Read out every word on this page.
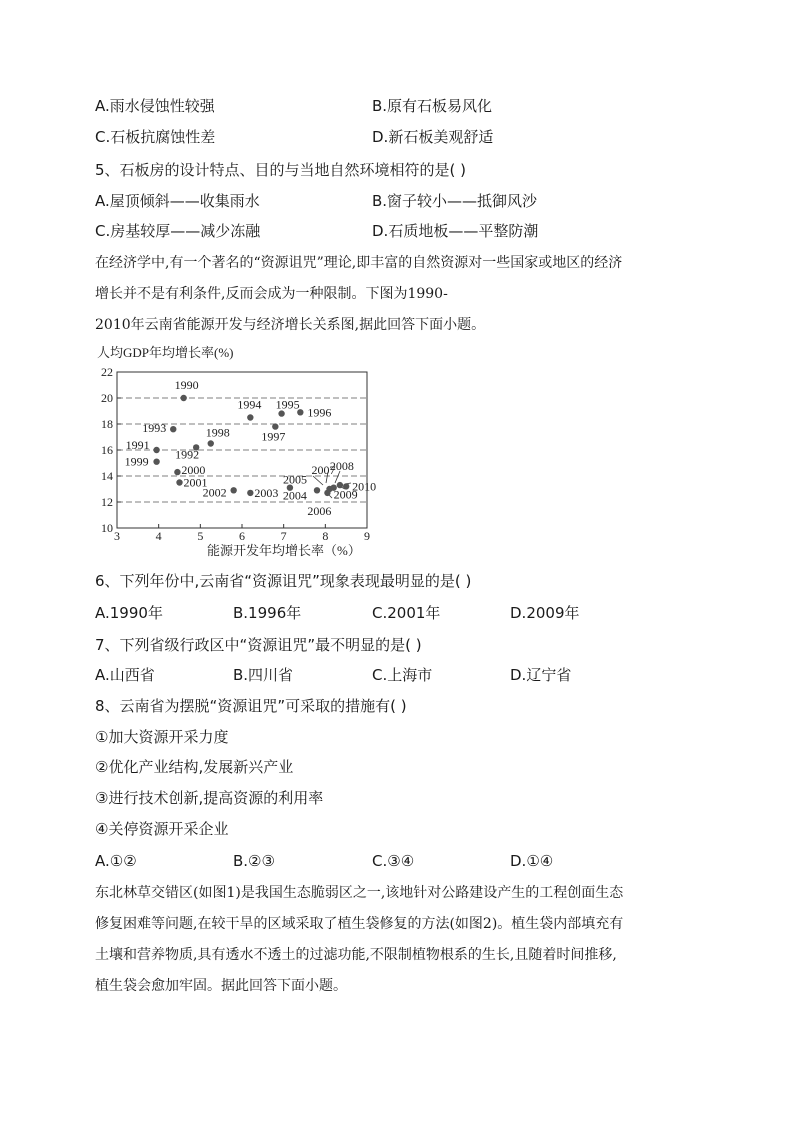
A.雨水侵蚀性较强	B.原有石板易风化
C.石板抗腐蚀性差	D.新石板美观舒适
5、石板房的设计特点、目的与当地自然环境相符的是( )
A.屋顶倾斜——收集雨水	B.窗子较小——抵御风沙
C.房基较厚——减少冻融	D.石质地板——平整防潮
在经济学中,有一个著名的“资源诅咒”理论,即丰富的自然资源对一些国家或地区的经济
增长并不是有利条件,反而会成为一种限制。下图为1990-
2010年云南省能源开发与经济增长关系图,据此回答下面小题。
人均GDP年均增长率(%)
3	4	5	6	7	8	9
10
12
14
16
18
20
22
1990
1991
1992
1993
1994 1995
1996
1997
1998
1999
2000
2001
2002 2003 2004
2005
2006
2007
2008
2009
2010
能源开发年均增长率（%）
6、下列年份中,云南省“资源诅咒”现象表现最明显的是( )
A.1990年	B.1996年	C.2001年	D.2009年
7、下列省级行政区中“资源诅咒”最不明显的是( )
A.山西省	B.四川省	C.上海市	D.辽宁省
8、云南省为摆脱“资源诅咒”可采取的措施有( )
①加大资源开采力度
②优化产业结构,发展新兴产业
③进行技术创新,提高资源的利用率
④关停资源开采企业
A.①②	B.②③	C.③④	D.①④
东北林草交错区(如图1)是我国生态脆弱区之一,该地针对公路建设产生的工程创面生态
修复困难等问题,在较干旱的区域采取了植生袋修复的方法(如图2)。植生袋内部填充有
土壤和营养物质,具有透水不透土的过滤功能,不限制植物根系的生长,且随着时间推移,
植生袋会愈加牢固。据此回答下面小题。
